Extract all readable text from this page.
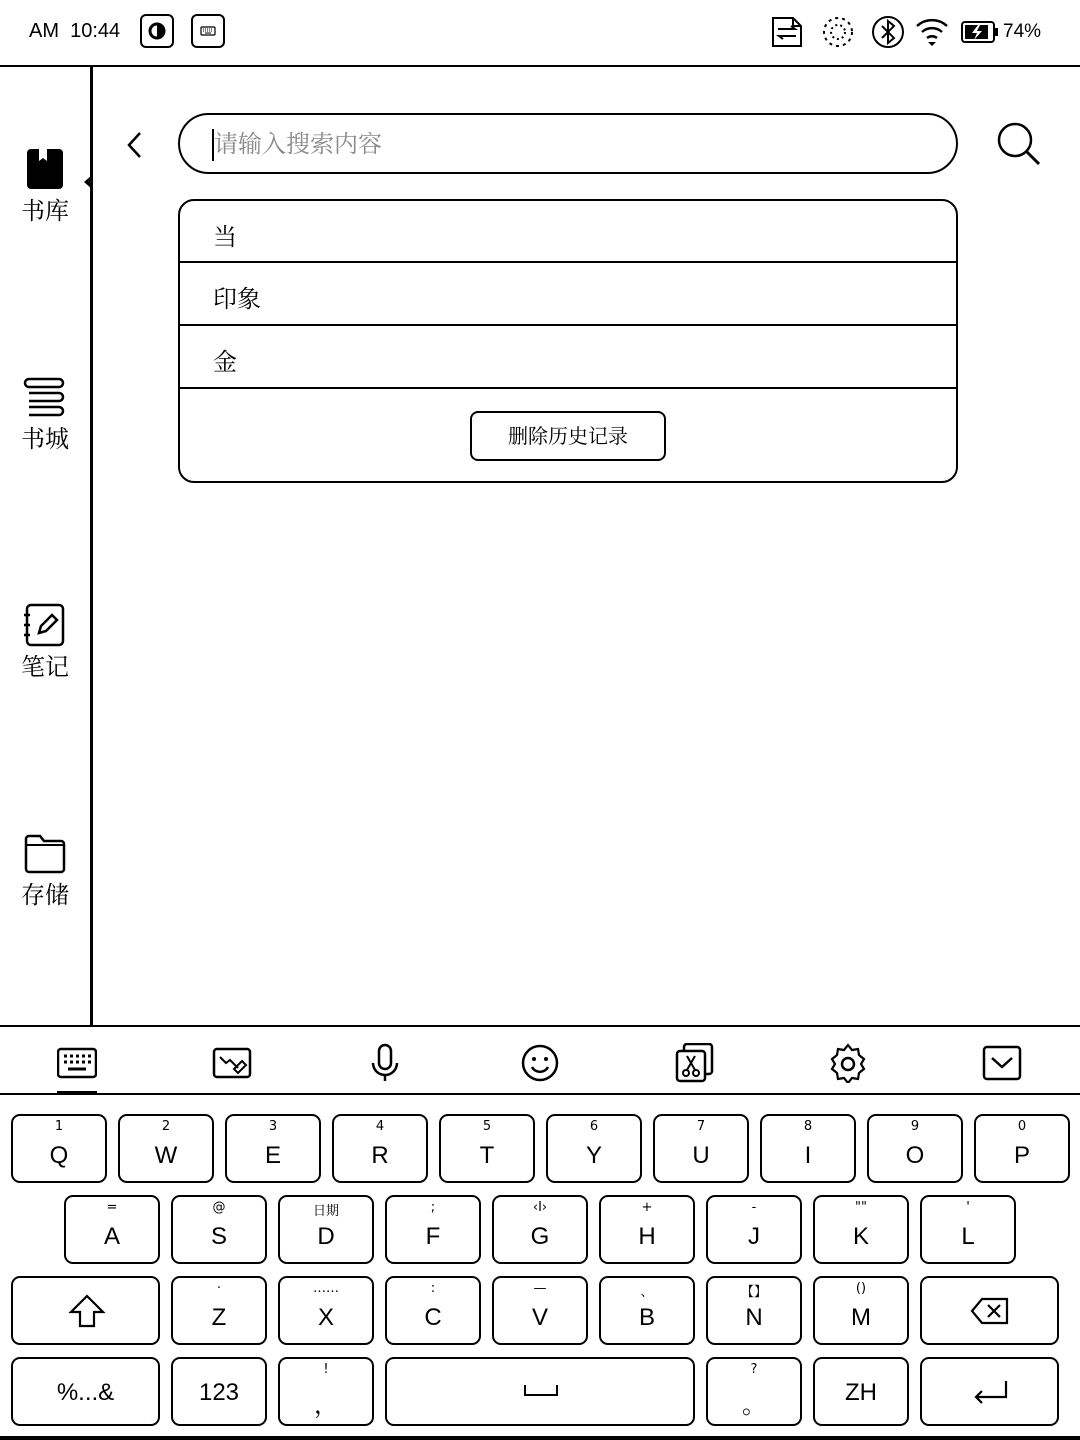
AM 10:44	74%
书库
书城
笔记
存储
请输入搜索内容
当
印象
金
删除历史记录
1
Q
2
W
3
E
4
R
5
T
6
Y
7
U
8
I
9
O
0
P
=
A
@
S
日期
D
;
F
‹I›
G
+
H
-
J
""
K
'
L
·
Z
……
X
:
C
—
V
、
B
【】
N
()
M
%...&	123
!
，
?
。	ZH
